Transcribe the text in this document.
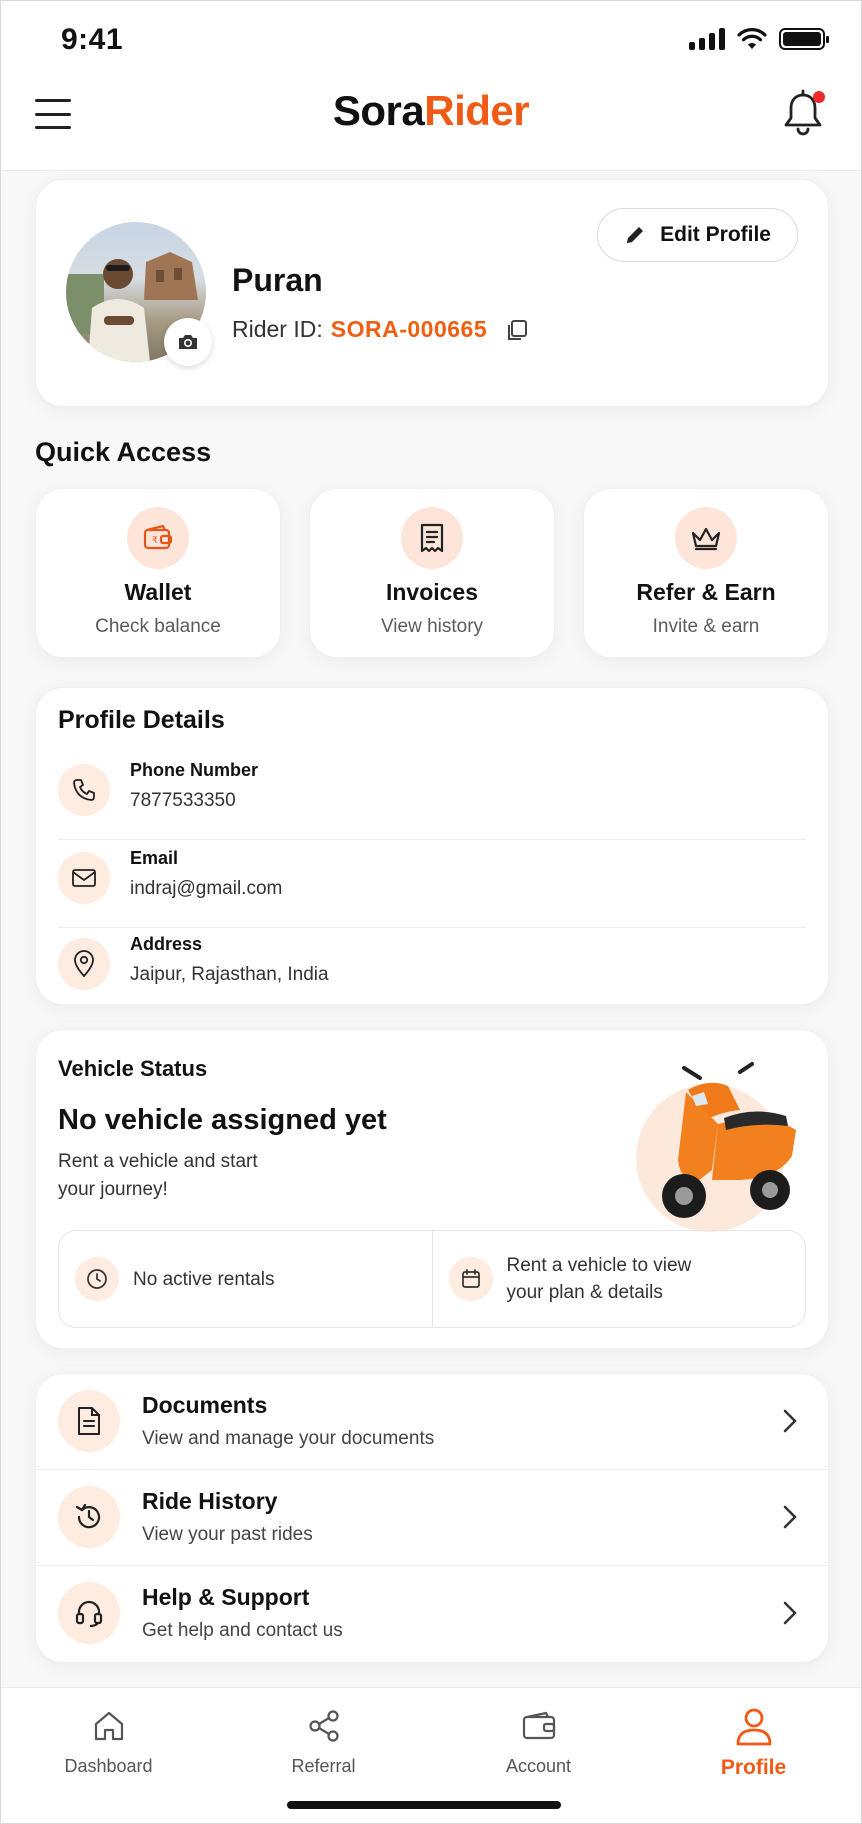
9:41
SoraRider
Puran
Rider ID: SORA-000665
Edit Profile
Quick Access
₹
Wallet
Check balance
Invoices
View history
Refer & Earn
Invite & earn
Profile Details
Phone Number
7877533350
Email
indraj@gmail.com
Address
Jaipur, Rajasthan, India
Vehicle Status
No vehicle assigned yet
Rent a vehicle and start your journey!
No active rentals
Rent a vehicle to view your plan & details
Documents
View and manage your documents
Ride History
View your past rides
Help & Support
Get help and contact us
Dashboard	Referral	Account	Profile
